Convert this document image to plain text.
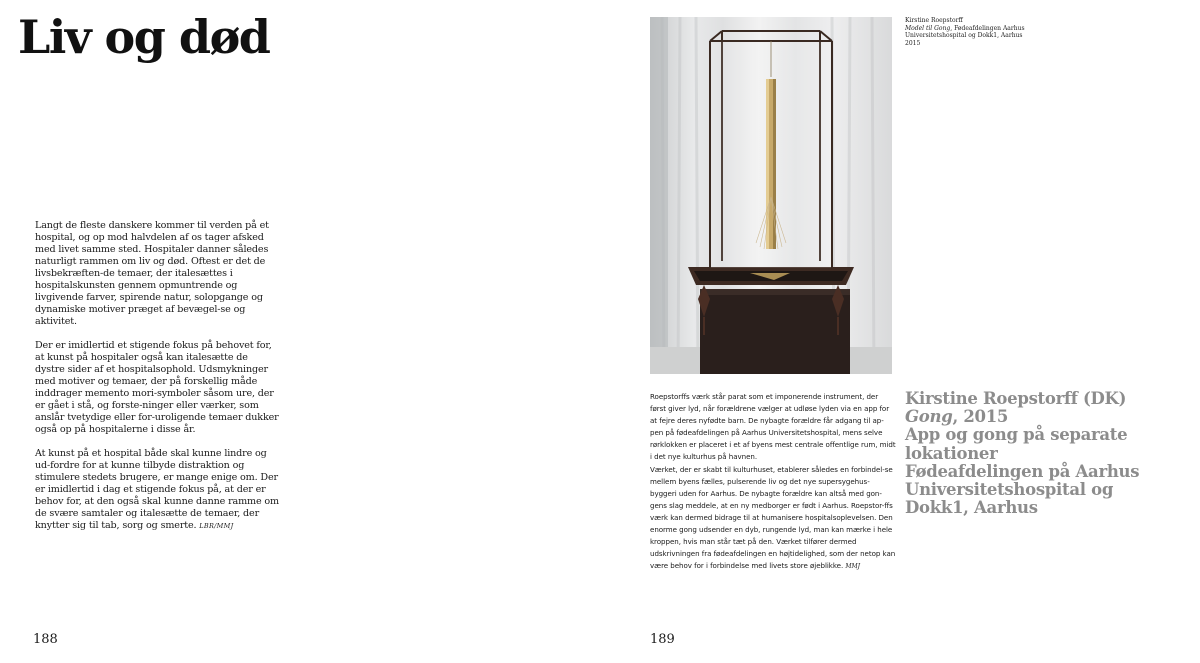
Liv og død

Langt de fleste danskere kommer til verden på et hospital, og op mod halvdelen af os tager afsked med livet samme sted. Hospitaler danner således naturligt rammen om liv og død. Oftest er det de livsbekræften-de temaer, der italesættes i hospitalskunsten gennem opmuntrende og livgivende farver, spirende natur, solopgange og dynamiske motiver præget af bevægel-se og aktivitet.

Der er imidlertid et stigende fokus på behovet for, at kunst på hospitaler også kan italesætte de dystre sider af et hospitalsophold. Udsmykninger med motiver og temaer, der på forskellig måde inddrager memento mori-symboler såsom ure, der er gået i stå, og forste-ninger eller værker, som anslår tvetydige eller for-uroligende temaer dukker også op på hospitalerne i disse år.

At kunst på et hospital både skal kunne lindre og ud-fordre for at kunne tilbyde distraktion og stimulere stedets brugere, er mange enige om. Der er imidlertid i dag et stigende fokus på, at der er behov for, at den også skal kunne danne ramme om de svære samtaler og italesætte de temaer, der knytter sig til tab, sorg og smerte. LBR/MMJ

188
Kirstine Roepstorff
Model til Gong, Fødeafdelingen Aarhus Universitetshospital og Dokk1, Aarhus
2015

Roepstorffs værk står parat som et imponerende instrument, der først giver lyd, når forældrene vælger at udløse lyden via en app for at fejre deres nyfødte barn. De nybagte forældre får adgang til ap-pen på fødeafdelingen på Aarhus Universitetshospital, mens selve rørklokken er placeret i et af byens mest centrale offentlige rum, midt i det nye kulturhus på havnen.

Værket, der er skabt til kulturhuset, etablerer således en forbindel-se mellem byens fælles, pulserende liv og det nye supersygehus-byggeri uden for Aarhus. De nybagte forældre kan altså med gon-gens slag meddele, at en ny medborger er født i Aarhus. Roepstor-ffs værk kan dermed bidrage til at humanisere hospitalsoplevelsen. Den enorme gong udsender en dyb, rungende lyd, man kan mærke i hele kroppen, hvis man står tæt på den. Værket tilfører dermed udskrivningen fra fødeafdelingen en højtidelighed, som der netop kan være behov for i forbindelse med livets store øjeblikke. MMJ

Kirstine Roepstorff (DK)
Gong, 2015
App og gong på separate
lokationer
Fødeafdelingen på Aarhus
Universitetshospital og
Dokk1, Aarhus
189
